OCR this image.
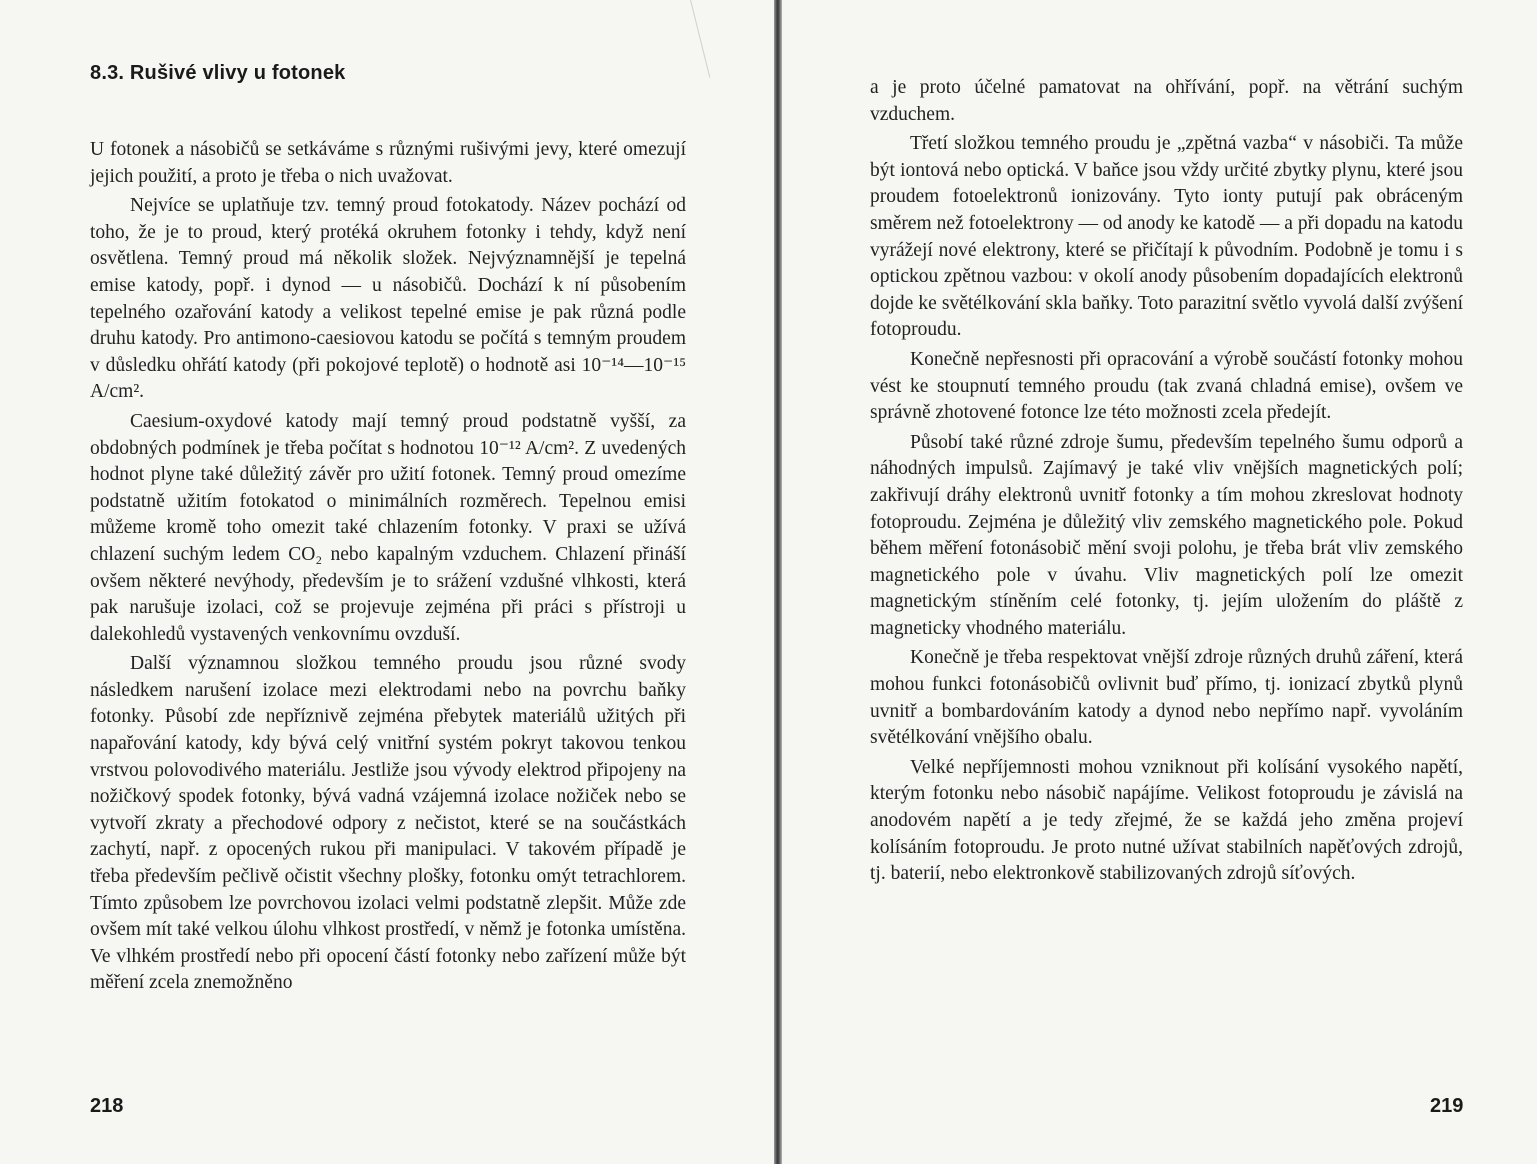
8.3. Rušivé vlivy u fotonek

U fotonek a násobičů se setkáváme s různými rušivými jevy, které omezují jejich použití, a proto je třeba o nich uvažovat.

Nejvíce se uplatňuje tzv. temný proud fotokatody. Název pochází od toho, že je to proud, který protéká okruhem fotonky i tehdy, když není osvětlena. Temný proud má několik složek. Nejvýznamnější je tepelná emise katody, popř. i dynod — u násobičů. Dochází k ní působením tepelného ozařování katody a velikost tepelné emise je pak různá podle druhu katody. Pro antimono-caesiovou katodu se počítá s temným proudem v důsledku ohřátí katody (při pokojové teplotě) o hodnotě asi 10⁻¹⁴—10⁻¹⁵ A/cm².

Caesium-oxydové katody mají temný proud podstatně vyšší, za obdobných podmínek je třeba počítat s hodnotou 10⁻¹² A/cm². Z uvedených hodnot plyne také důležitý závěr pro užití fotonek. Temný proud omezíme podstatně užitím fotokatod o minimálních rozměrech. Tepelnou emisi můžeme kromě toho omezit také chlazením fotonky. V praxi se užívá chlazení suchým ledem CO₂ nebo kapalným vzduchem. Chlazení přináší ovšem některé nevýhody, především je to srážení vzdušné vlhkosti, která pak narušuje izolaci, což se projevuje zejména při práci s přístroji u dalekohledů vystavených venkovnímu ovzduší.

Další významnou složkou temného proudu jsou různé svody následkem narušení izolace mezi elektrodami nebo na povrchu baňky fotonky. Působí zde nepříznivě zejména přebytek materiálů užitých při napařování katody, kdy bývá celý vnitřní systém pokryt takovou tenkou vrstvou polovodivého materiálu. Jestliže jsou vývody elektrod připojeny na nožičkový spodek fotonky, bývá vadná vzájemná izolace nožiček nebo se vytvoří zkraty a přechodové odpory z nečistot, které se na součástkách zachytí, např. z opocených rukou při manipulaci. V takovém případě je třeba především pečlivě očistit všechny plošky, fotonku omýt tetrachlorem. Tímto způsobem lze povrchovou izolaci velmi podstatně zlepšit. Může zde ovšem mít také velkou úlohu vlhkost prostředí, v němž je fotonka umístěna. Ve vlhkém prostředí nebo při opocení částí fotonky nebo zařízení může být měření zcela znemožněno

218

a je proto účelné pamatovat na ohřívání, popř. na větrání suchým vzduchem.

Třetí složkou temného proudu je „zpětná vazba“ v násobiči. Ta může být iontová nebo optická. V baňce jsou vždy určité zbytky plynu, které jsou proudem fotoelektronů ionizovány. Tyto ionty putují pak obráceným směrem než fotoelektrony — od anody ke katodě — a při dopadu na katodu vyrážejí nové elektrony, které se přičítají k původním. Podobně je tomu i s optickou zpětnou vazbou: v okolí anody působením dopadajících elektronů dojde ke světélkování skla baňky. Toto parazitní světlo vyvolá další zvýšení fotoproudu.

Konečně nepřesnosti při opracování a výrobě součástí fotonky mohou vést ke stoupnutí temného proudu (tak zvaná chladná emise), ovšem ve správně zhotovené fotonce lze této možnosti zcela předejít.

Působí také různé zdroje šumu, především tepelného šumu odporů a náhodných impulsů. Zajímavý je také vliv vnějších magnetických polí; zakřivují dráhy elektronů uvnitř fotonky a tím mohou zkreslovat hodnoty fotoproudu. Zejména je důležitý vliv zemského magnetického pole. Pokud během měření fotonásobič mění svoji polohu, je třeba brát vliv zemského magnetického pole v úvahu. Vliv magnetických polí lze omezit magnetickým stíněním celé fotonky, tj. jejím uložením do pláště z magneticky vhodného materiálu.

Konečně je třeba respektovat vnější zdroje různých druhů záření, která mohou funkci fotonásobičů ovlivnit buď přímo, tj. ionizací zbytků plynů uvnitř a bombardováním katody a dynod nebo nepřímo např. vyvoláním světélkování vnějšího obalu.

Velké nepříjemnosti mohou vzniknout při kolísání vysokého napětí, kterým fotonku nebo násobič napájíme. Velikost fotoproudu je závislá na anodovém napětí a je tedy zřejmé, že se každá jeho změna projeví kolísáním fotoproudu. Je proto nutné užívat stabilních napěťových zdrojů, tj. baterií, nebo elektronkově stabilizovaných zdrojů síťových.

219
